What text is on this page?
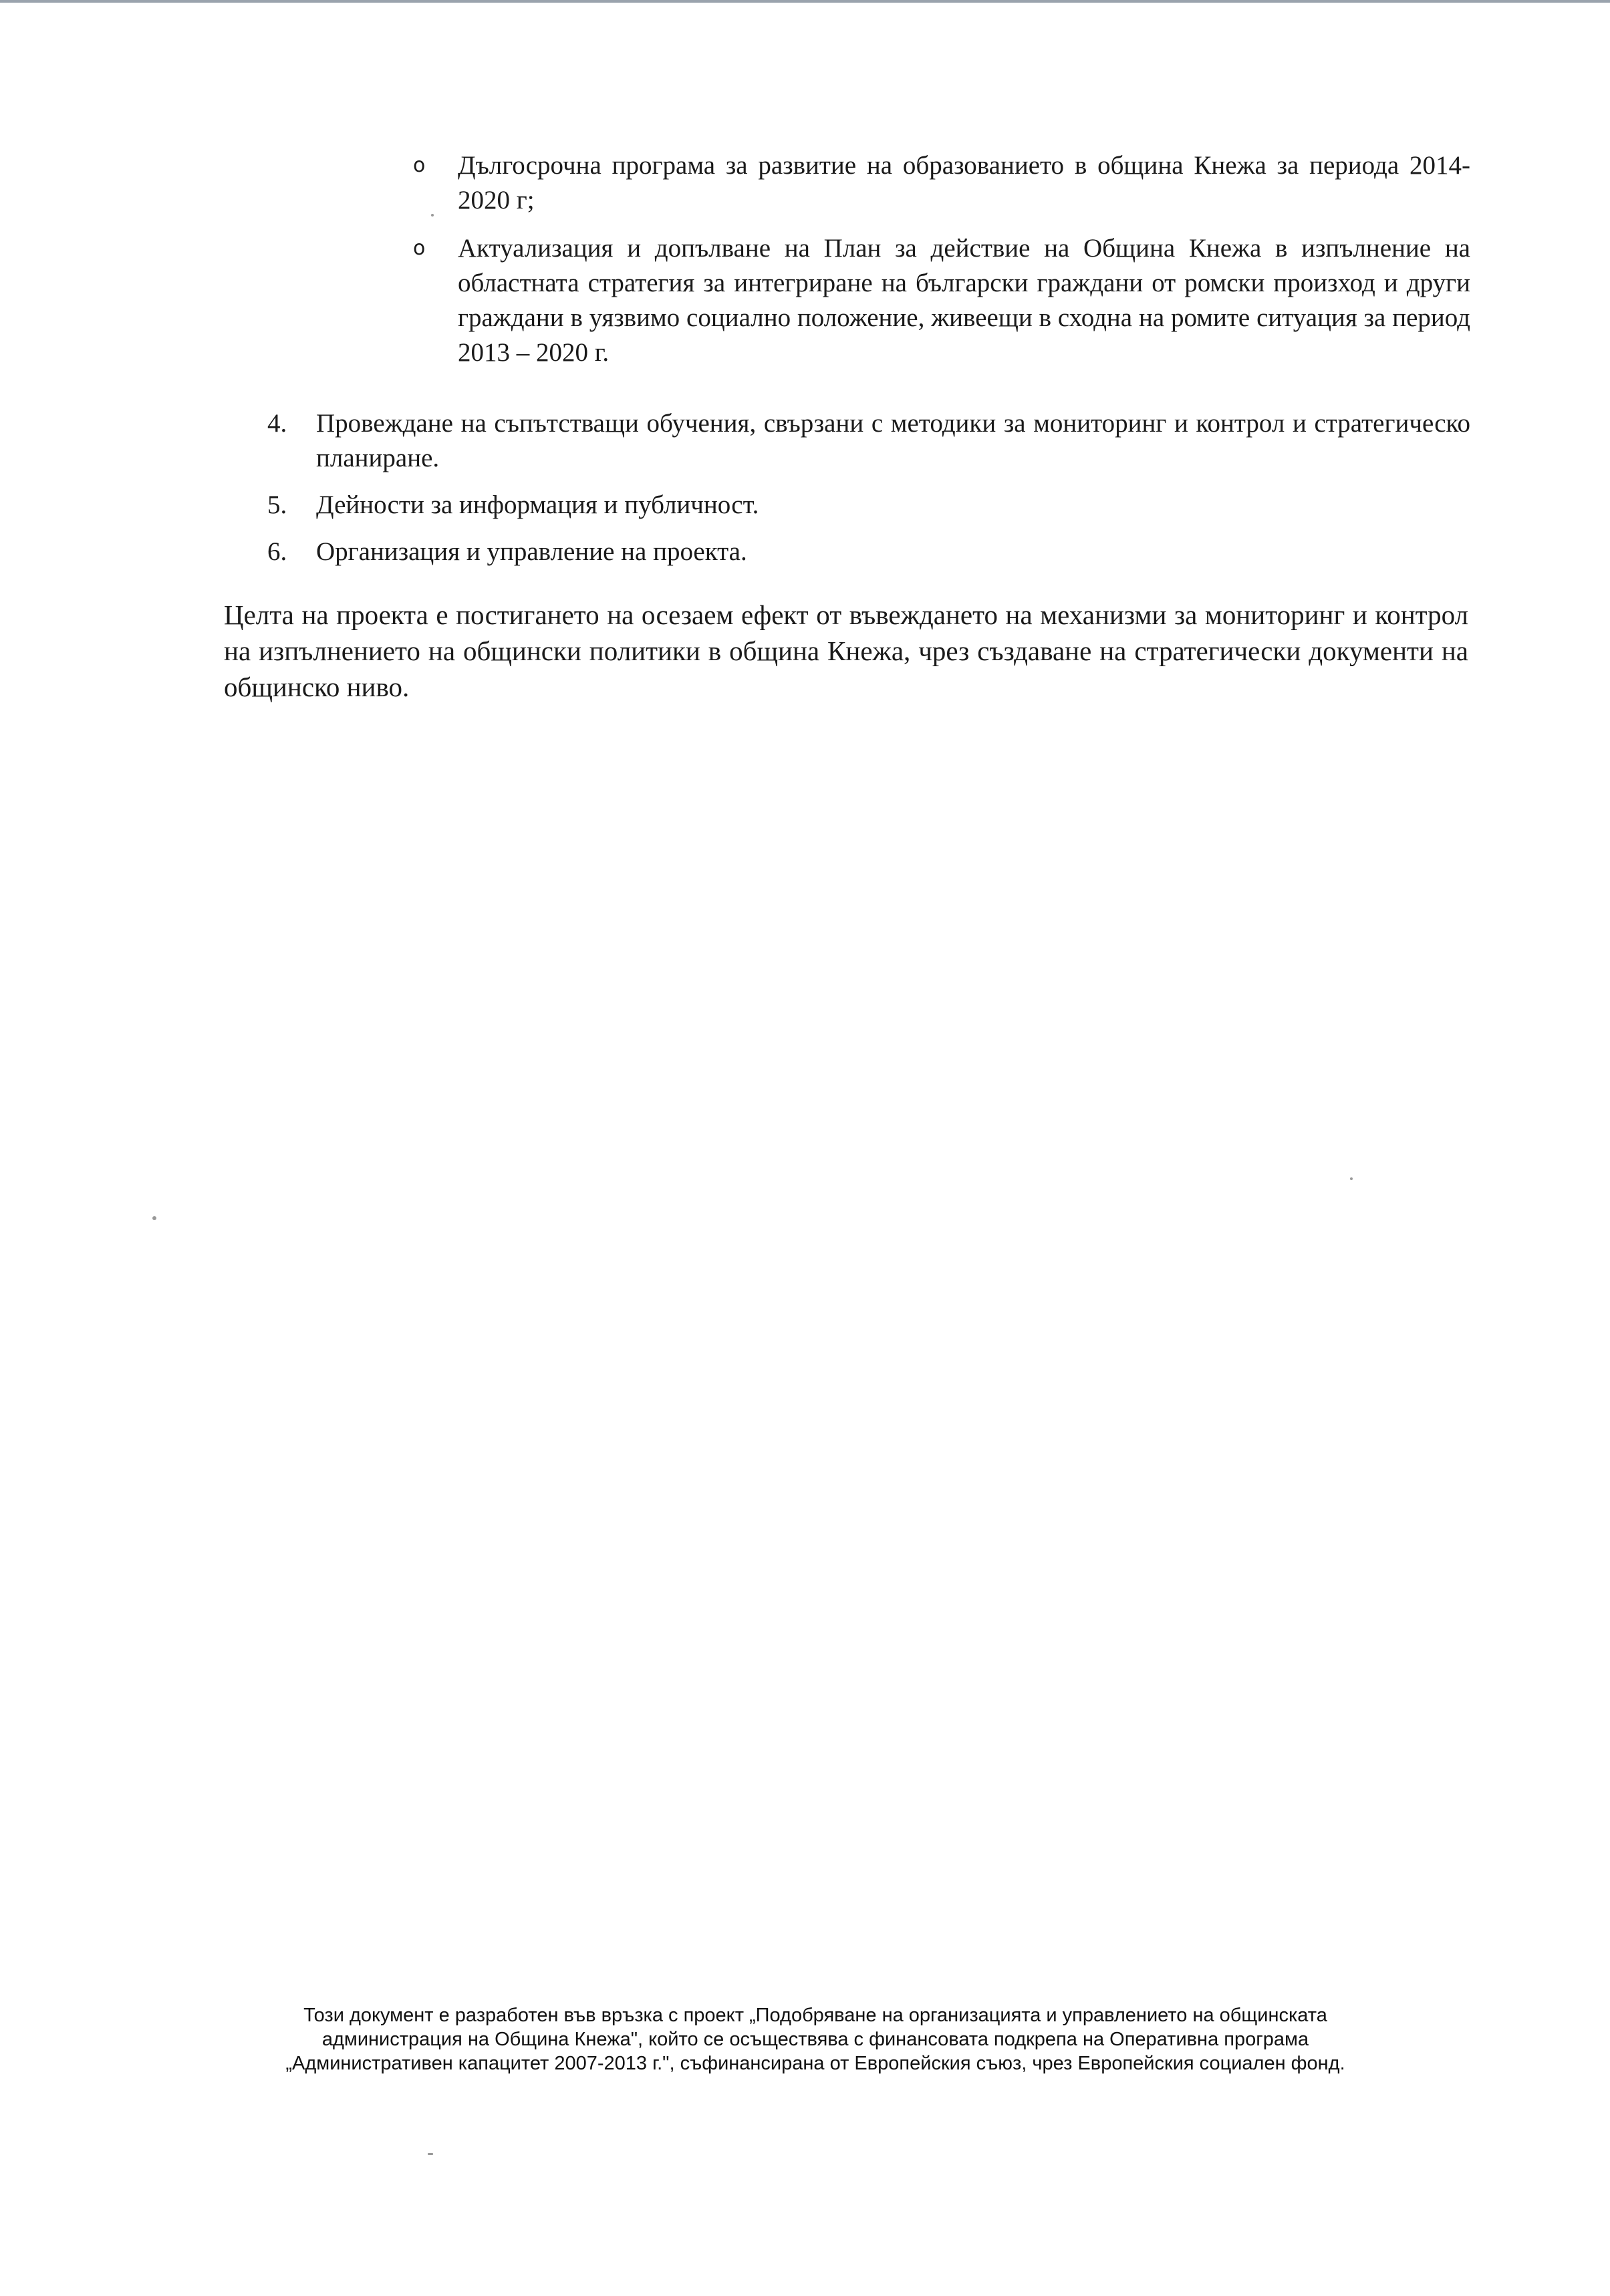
o Дългосрочна програма за развитие на образованието в община Кнежа за периода 2014-2020 г;
o Актуализация и допълване на План за действие на Община Кнежа в изпълнение на областната стратегия за интегриране на български граждани от ромски произход и други граждани в уязвимо социално положение, живеещи в сходна на ромите ситуация за период 2013 – 2020 г.
4. Провеждане на съпътстващи обучения, свързани с методики за мониторинг и контрол и стратегическо планиране.
5. Дейности за информация и публичност.
6. Организация и управление на проекта.

Целта на проекта е постигането на осезаем ефект от въвеждането на механизми за мониторинг и контрол на изпълнението на общински политики в община Кнежа, чрез създаване на стратегически документи на общинско ниво.

Този документ е разработен във връзка с проект „Подобряване на организацията и управлението на общинската
администрация на Община Кнежа", който се осъществява с финансовата подкрепа на Оперативна програма
„Административен капацитет 2007-2013 г.", съфинансирана от Европейския съюз, чрез Европейския социален фонд.
